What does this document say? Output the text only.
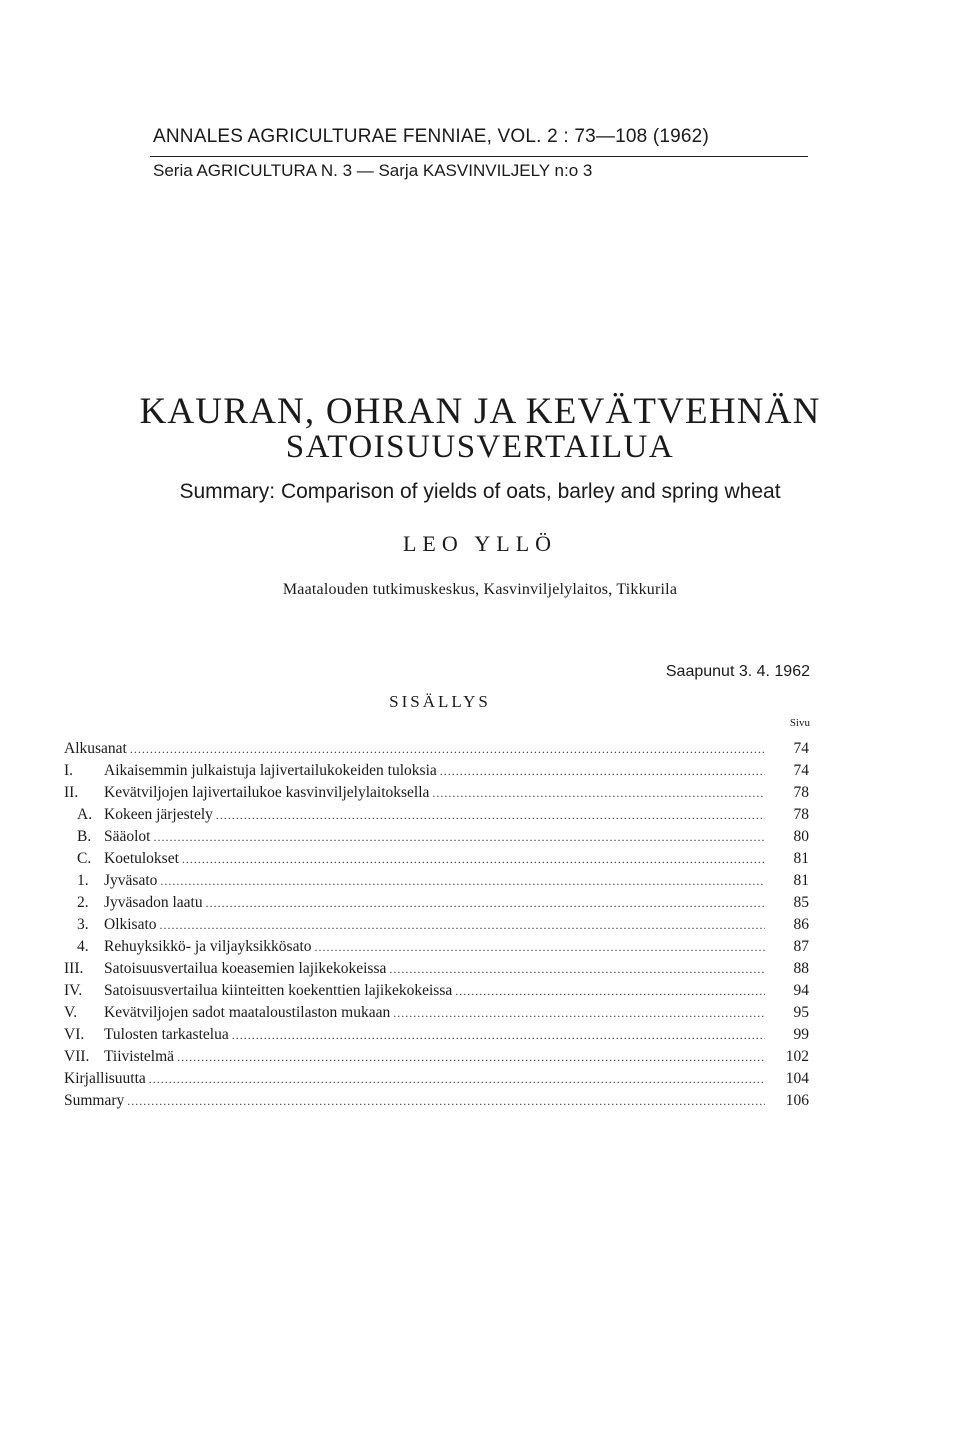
ANNALES AGRICULTURAE FENNIAE, VOL. 2 : 73—108 (1962)
Seria AGRICULTURA N. 3 — Sarja KASVINVILJELY n:o 3
KAURAN, OHRAN JA KEVÄTVEHNÄN
SATOISUUSVERTAILUA
Summary: Comparison of yields of oats, barley and spring wheat
LEO YLLÖ
Maatalouden tutkimuskeskus, Kasvinviljelylaitos, Tikkurila
Saapunut 3. 4. 1962
SISÄLLYS
Sivu
Alkusanat .....	74
I.	Aikaisemmin julkaistuja lajivertailukokeiden tuloksia .....	74
II.	Kevätviljojen lajivertailukoe kasvinviljelylaitoksella .....	78
A. Kokeen järjestely .....	78
B. Sääolot .....	80
C. Koetulokset .....	81
1. Jyväsato .....	81
2. Jyväsadon laatu .....	85
3. Olkisato .....	86
4. Rehuyksikkö- ja viljayksikkösato .....	87
III.	Satoisuusvertailua koeasemien lajikekokeissa .....	88
IV.	Satoisuusvertailua kiinteitten koekenttien lajikekokeissa .....	94
V.	Kevätviljojen sadot maataloustilaston mukaan .....	95
VI.	Tulosten tarkastelua .....	99
VII. Tiivistelmä .....	102
Kirjallisuutta .....	104
Summary .....	106
